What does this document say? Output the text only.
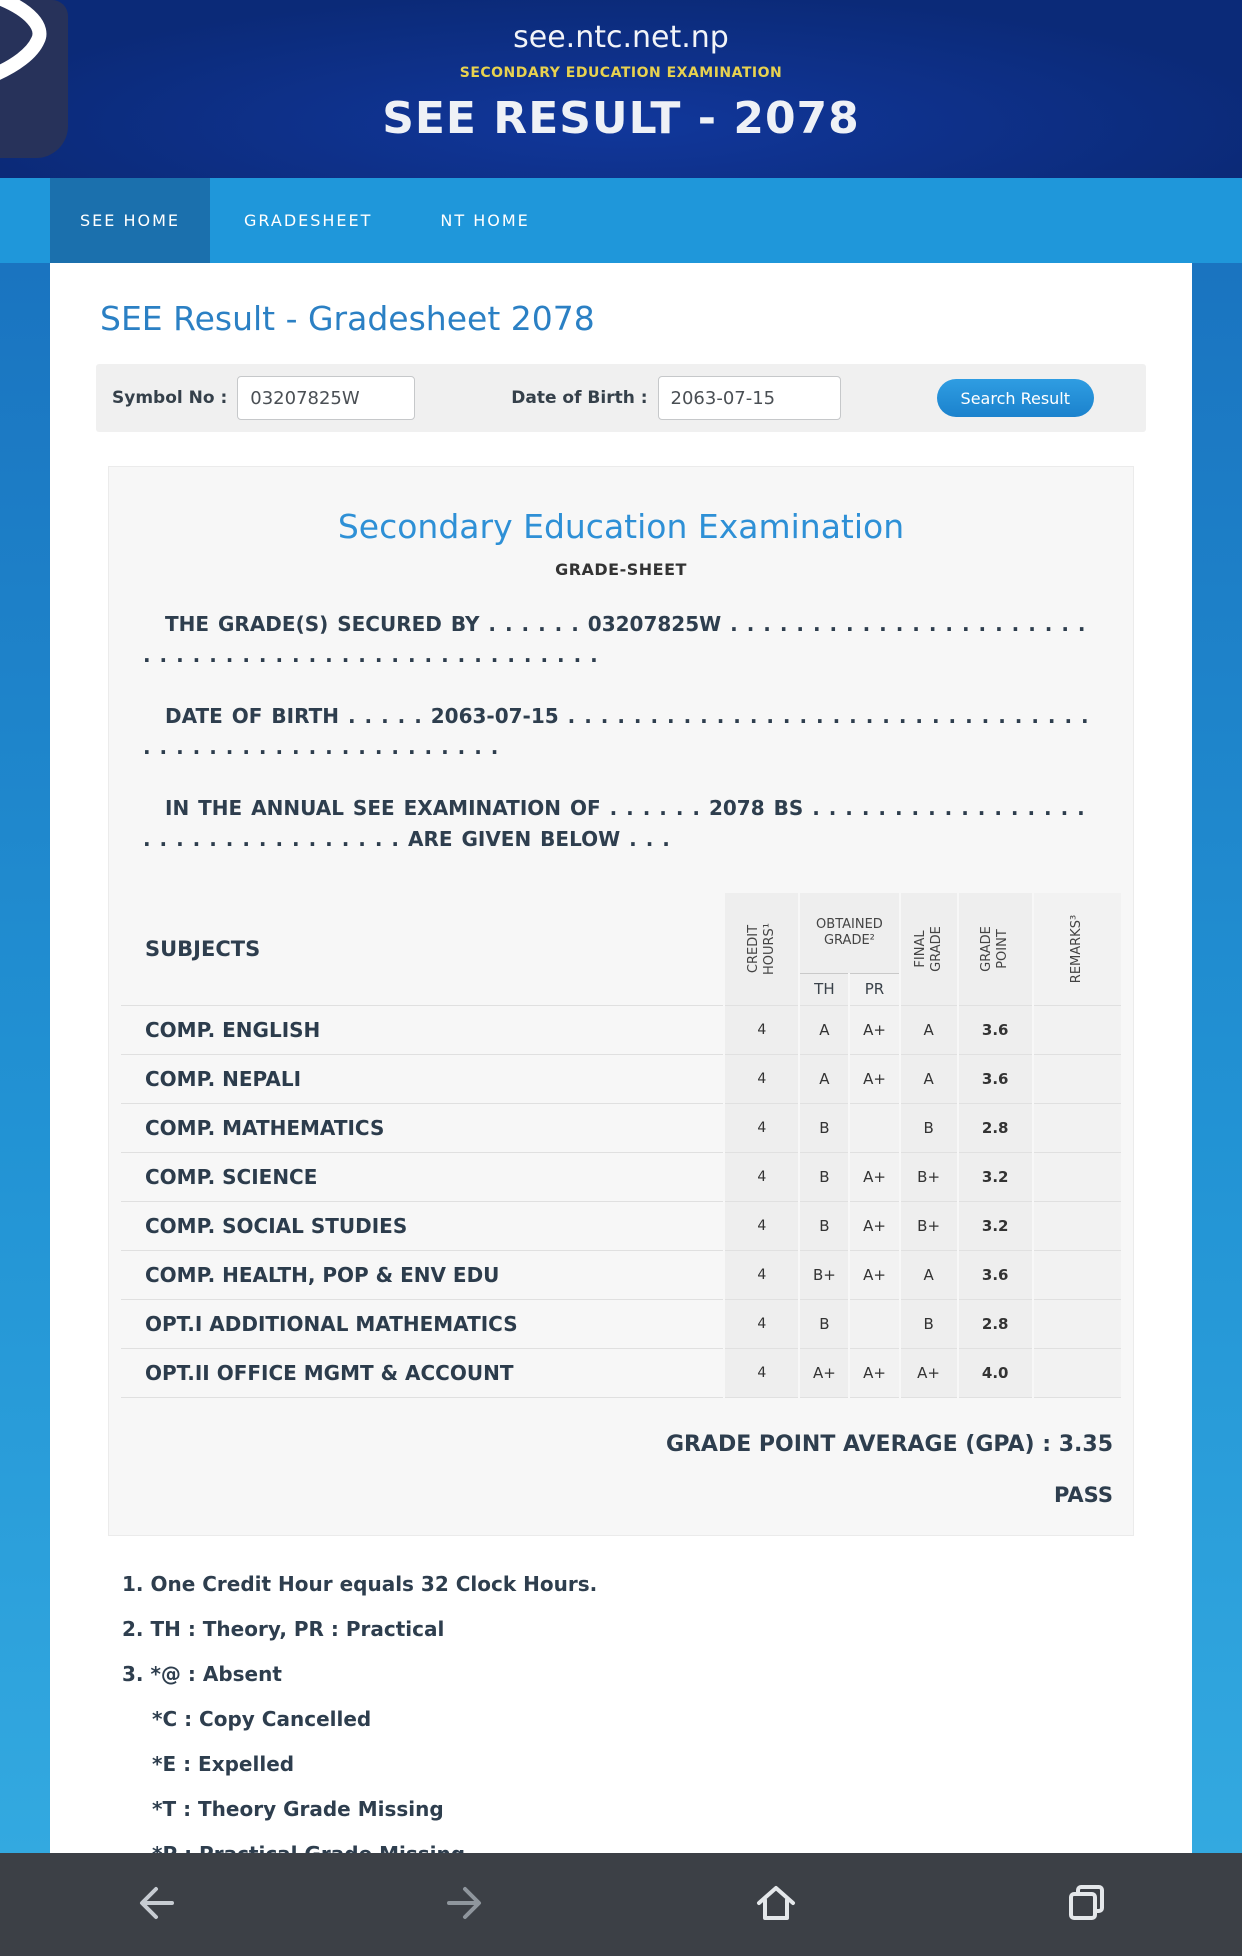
see.ntc.net.np
SECONDARY EDUCATION EXAMINATION
SEE RESULT - 2078
SEE HOME	GRADESHEET	NT HOME
SEE Result - Gradesheet 2078
Symbol No :
03207825W	Date of Birth :
2063-07-15	Search Result
Secondary Education Examination
GRADE-SHEET

THE GRADE(S) SECURED BY . . . . . . 03207825W . . . . . . . . . . . . . . . . . . . . . . . . . . . . . . . . . . . . . . . . . . . . . . . . . .

DATE OF BIRTH . . . . . 2063-07-15 . . . . . . . . . . . . . . . . . . . . . . . . . . . . . . . . . . . . . . . . . . . . . . . . . . . . . .

IN THE ANNUAL SEE EXAMINATION OF . . . . . . 2078 BS . . . . . . . . . . . . . . . . . . . . . . . . . . . . . . . . . ARE GIVEN BELOW . . .

SUBJECTS	CREDIT HOURS¹	OBTAINED GRADE²		FINAL GRADE	GRADE POINT	REMARKS³

		TH	PR			
COMP. ENGLISH	4	A	A+	A	3.6	
COMP. NEPALI	4	A	A+	A	3.6	
COMP. MATHEMATICS	4	B		B	2.8	
COMP. SCIENCE	4	B	A+	B+	3.2	
COMP. SOCIAL STUDIES	4	B	A+	B+	3.2	
COMP. HEALTH, POP & ENV EDU	4	B+	A+	A	3.6	
OPT.I ADDITIONAL MATHEMATICS	4	B		B	2.8	
OPT.II OFFICE MGMT & ACCOUNT	4	A+	A+	A+	4.0	
GRADE POINT AVERAGE (GPA) : 3.35
PASS
1. One Credit Hour equals 32 Clock Hours.
2. TH : Theory, PR : Practical
3. *@ : Absent
*C : Copy Cancelled
*E : Expelled
*T : Theory Grade Missing
